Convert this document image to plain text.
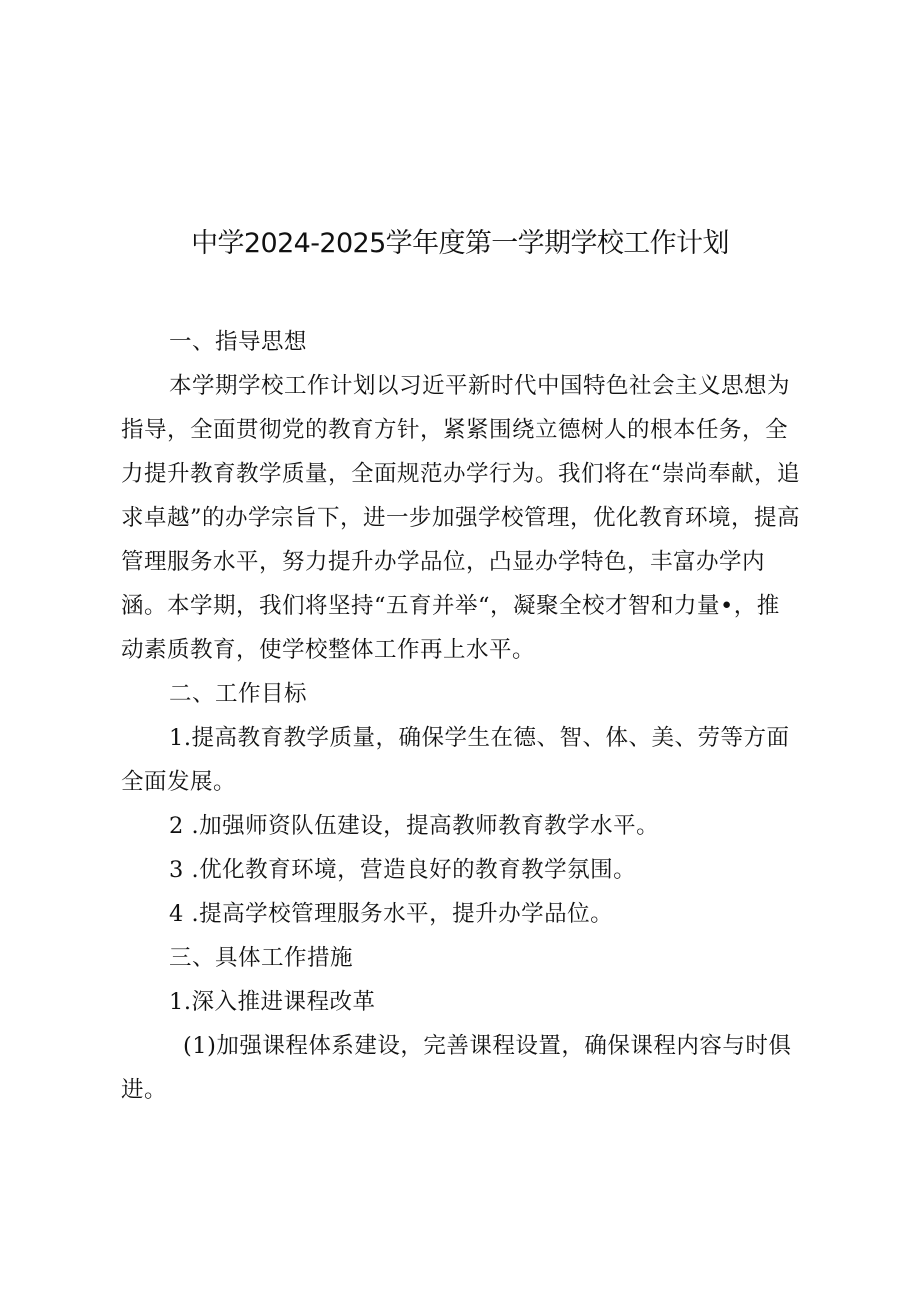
中学2024-2025学年度第一学期学校工作计划

一、指导思想

本学期学校工作计划以习近平新时代中国特色社会主义思想为指导，全面贯彻党的教育方针，紧紧围绕立德树人的根本任务，全力提升教育教学质量，全面规范办学行为。我们将在“崇尚奉献，追求卓越”的办学宗旨下，进一步加强学校管理，优化教育环境，提高管理服务水平，努力提升办学品位，凸显办学特色，丰富办学内涵。本学期，我们将坚持“五育并举“，凝聚全校才智和力量•，推动素质教育，使学校整体工作再上水平。

二、工作目标

1.提高教育教学质量，确保学生在德、智、体、美、劳等方面全面发展。

2 .加强师资队伍建设，提高教师教育教学水平。

3 .优化教育环境，营造良好的教育教学氛围。

4 .提高学校管理服务水平，提升办学品位。

三、具体工作措施

1.深入推进课程改革

(1)加强课程体系建设，完善课程设置，确保课程内容与时俱进。
